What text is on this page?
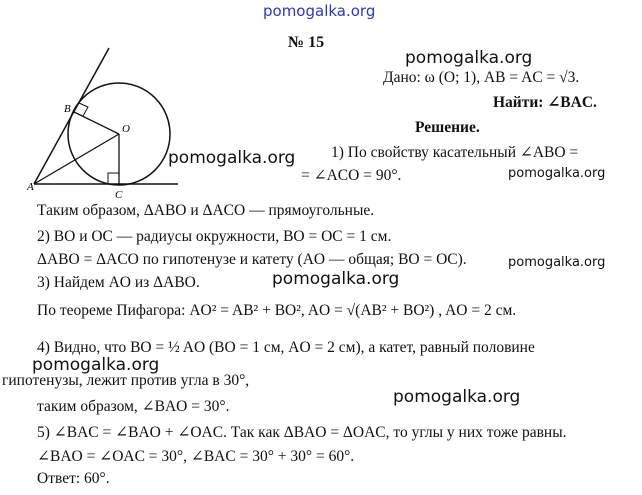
pomogalka.org
pomogalka.org
pomogalka.org
pomogalka.org
pomogalka.org
pomogalka.org
pomogalka.org
pomogalka.org
№ 15
Дано: ω (O; 1), AB = AC = √3.
Найти: ∠BAC.
Решение.
A
B
O
C
1) По свойству касательный ∠ABO =
= ∠ACO = 90°.
Таким образом, ΔABO и ΔACO — прямоугольные.
2) BO и OC — радиусы окружности, BO = OC = 1 см.
ΔABO = ΔACO по гипотенузе и катету (AO — общая; BO = OC).
3) Найдем AO из ΔABO.
По теореме Пифагора: AO² = AB² + BO², AO = √(AB² + BO²) , AO = 2 см.
4) Видно, что BO = ½ AO (BO = 1 см, AO = 2 см), а катет, равный половине
гипотенузы, лежит против угла в 30°,
таким образом, ∠BAO = 30°.
5) ∠BAC = ∠BAO + ∠OAC. Так как ΔBAO = ΔOAC, то углы у них тоже равны.
∠BAO = ∠OAC = 30°, ∠BAC = 30° + 30° = 60°.
Ответ: 60°.
